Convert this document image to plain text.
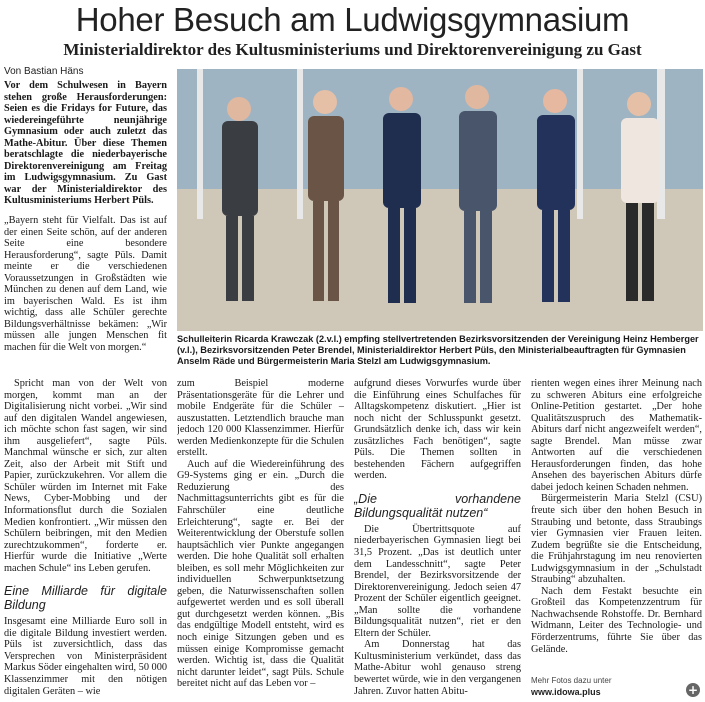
Hoher Besuch am Ludwigsgymnasium
Ministerialdirektor des Kultusministeriums und Direktorenvereinigung zu Gast

Von Bastian Häns

Vor dem Schulwesen in Bayern stehen große Herausforderungen: Seien es die Fridays for Future, das wiedereingeführte neunjährige Gymnasium oder auch zuletzt das Mathe-Abitur. Über diese Themen beratschlagte die niederbayerische Direktorenvereinigung am Freitag im Ludwigsgymnasium. Zu Gast war der Ministerialdirektor des Kultusministeriums Herbert Püls.

„Bayern steht für Vielfalt. Das ist auf der einen Seite schön, auf der anderen Seite eine besondere Herausforderung“, sagte Püls. Damit meinte er die verschiedenen Voraussetzungen in Großstädten wie München zu denen auf dem Land, wie im bayerischen Wald. Es ist ihm wichtig, dass alle Schüler gerechte Bildungsverhältnisse bekämen: „Wir müssen alle jungen Menschen fit machen für die Welt von morgen.“

Spricht man von der Welt von morgen, kommt man an der Digitalisierung nicht vorbei. „Wir sind auf den digitalen Wandel angewiesen, ich möchte schon fast sagen, wir sind ihm ausgeliefert“, sagte Püls. Manchmal wünsche er sich, zur alten Zeit, also der Arbeit mit Stift und Papier, zurückzukehren. Vor allem die Schüler würden im Internet mit Fake News, Cyber-Mobbing und der Informationsflut durch die Sozialen Medien konfrontiert. „Wir müssen den Schülern beibringen, mit den Medien zurechtzukommen“, forderte er. Hierfür wurde die Initiative „Werte machen Schule“ ins Leben gerufen.

Eine Milliarde für digitale Bildung

Insgesamt eine Milliarde Euro soll in die digitale Bildung investiert werden. Püls ist zuversichtlich, dass das Versprechen von Ministerpräsident Markus Söder eingehalten wird, 50 000 Klassenzimmer mit den nötigen digitalen Geräten – wie

Schulleiterin Ricarda Krawczak (2.v.l.) empfing stellvertretenden Bezirksvorsitzenden der Vereinigung Heinz Hemberger (v.l.), Bezirksvorsitzenden Peter Brendel, Ministerialdirektor Herbert Püls, den Ministerialbeauftragten für Gymnasien Anselm Räde und Bürgermeisterin Maria Stelzl am Ludwigsgymnasium.

zum Beispiel moderne Präsentationsgeräte für die Lehrer und mobile Endgeräte für die Schüler – auszustatten. Letztendlich brauche man jedoch 120 000 Klassenzimmer. Hierfür werden Medienkonzepte für die Schulen erstellt.

Auch auf die Wiedereinführung des G9-Systems ging er ein. „Durch die Reduzierung des Nachmittagsunterrichts gibt es für die Fahrschüler eine deutliche Erleichterung“, sagte er. Bei der Weiterentwicklung der Oberstufe sollen hauptsächlich vier Punkte angegangen werden. Die hohe Qualität soll erhalten bleiben, es soll mehr Möglichkeiten zur individuellen Schwerpunktsetzung geben, die Naturwissenschaften sollen aufgewertet werden und es soll überall gut durchgesetzt werden können. „Bis das endgültige Modell entsteht, wird es noch einige Sitzungen geben und es müssen einige Kompromisse gemacht werden. Wichtig ist, dass die Qualität nicht darunter leidet“, sagt Püls. Schule bereitet nicht auf das Leben vor –

aufgrund dieses Vorwurfes wurde über die Einführung eines Schulfaches für Alltagskompetenz diskutiert. „Hier ist noch nicht der Schlusspunkt gesetzt. Grundsätzlich denke ich, dass wir kein zusätzliches Fach benötigen“, sagte Püls. Die Themen sollten in bestehenden Fächern aufgegriffen werden.

„Die vorhandene Bildungsqualität nutzen“

Die Übertrittsquote auf niederbayerischen Gymnasien liegt bei 31,5 Prozent. „Das ist deutlich unter dem Landesschnitt“, sagte Peter Brendel, der Bezirksvorsitzende der Direktorenvereinigung. Jedoch seien 47 Prozent der Schüler eigentlich geeignet. „Man sollte die vorhandene Bildungsqualität nutzen“, riet er den Eltern der Schüler.

Am Donnerstag hat das Kultusministerium verkündet, dass das Mathe-Abitur wohl genauso streng bewertet würde, wie in den vergangenen Jahren. Zuvor hatten Abitu-

rienten wegen eines ihrer Meinung nach zu schweren Abiturs eine erfolgreiche Online-Petition gestartet. „Der hohe Qualitätszuspruch des Mathematik-Abiturs darf nicht angezweifelt werden“, sagte Brendel. Man müsse zwar Antworten auf die verschiedenen Herausforderungen finden, das hohe Ansehen des bayerischen Abiturs dürfe dabei jedoch keinen Schaden nehmen.

Bürgermeisterin Maria Stelzl (CSU) freute sich über den hohen Besuch in Straubing und betonte, dass Straubings vier Gymnasien vier Frauen leiten. Zudem begrüßte sie die Entscheidung, die Frühjahrstagung im neu renovierten Ludwigsgymnasium in der „Schulstadt Straubing“ abzuhalten.

Nach dem Festakt besuchte ein Großteil das Kompetenzzentrum für Nachwachsende Rohstoffe. Dr. Bernhard Widmann, Leiter des Technologie- und Förderzentrums, führte Sie über das Gelände.

Mehr Fotos dazu unter

www.idowa.plus	+
